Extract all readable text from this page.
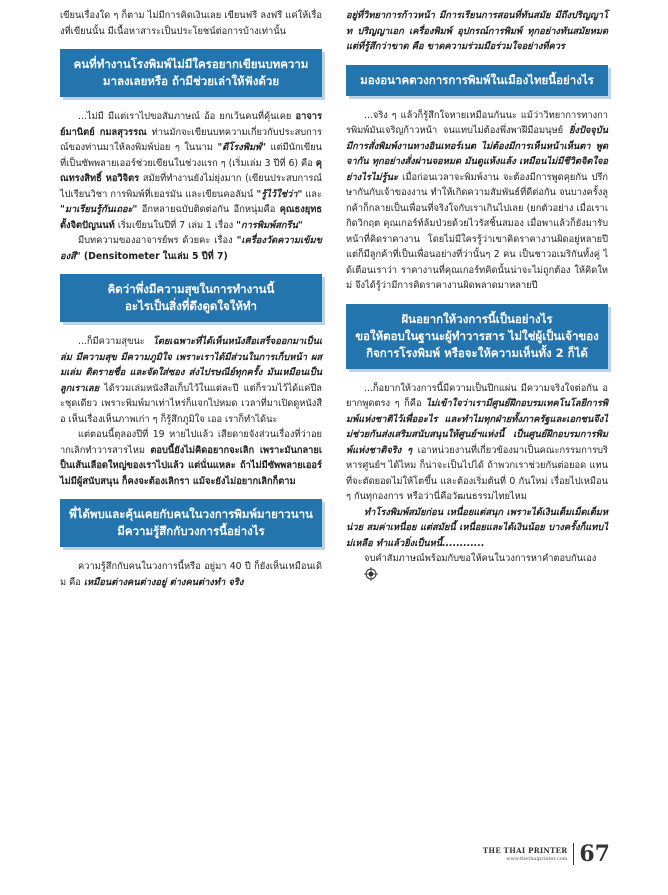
เขียนเรื่องใด ๆ ก็ตาม ไม่มีการคิดเงินเลย เขียนฟรี ลงฟรี แค่ให้เรื่องที่เขียนนั้น มีเนื้อหาสาระเป็นประโยชน์ต่อการบ้างเท่านั้น

คนที่ทำงานโรงพิมพ์ไม่มีใครอยากเขียนบทความ
มาลงเลยหรือ ถ้ามีช่วยเล่าให้ฟังด้วย

...ไม่มี มีแต่เราไปขอสัมภาษณ์ อ้อ ยกเว้นคนที่คุ้นเคย อาจารย์มานิตย์ กมลสุวรรณ ท่านมักจะเขียนบทความเกี่ยวกับประสบการณ์ของท่านมาให้ลงพิมพ์บ่อย ๆ ในนาม "ดีโรงพิมพ์" แต่มีนักเขียนที่เป็นซัพพลายเออร์ช่วยเขียนในช่วงแรก ๆ (เริ่มเล่ม 3 ปีที่ 6) คือ คุณทรงสิทธิ์ หอวิจิตร สมัยที่ทำงานยังไม่ยุ่งมาก (เขียนประสบการณ์ไปเรียนวิชา การพิมพ์ที่เยอรมัน และเขียนคอลัมน์ "รู้ไว้ใช่ว่า" และ "มาเรียนรู้กันเถอะ" อีกหลายฉบับติดต่อกัน อีกหนุ่มคือ คุณธงยุทธ ตั้งจิตปัญนนท์ เริ่มเขียนในปีที่ 7 เล่ม 1 เรื่อง "การพิมพ์สกรีน"

มีบทความของอาจารย์พร ด้วยคะ เรื่อง "เครื่องวัดความเข้มของสี" (Densitometer ในเล่ม 5 ปีที่ 7)

คิดว่าพึ่งมีความสุขในการทำงานนี้
อะไรเป็นสิ่งที่ดึงดูดใจให้ทำ

...ก็มีความสุขนะ โดยเฉพาะที่ได้เห็นหนังสือเสร็จออกมาเป็นเล่ม มีความสุข มีความภูมิใจ เพราะเราได้มีส่วนในการเก็บหน้า ผสมเล่ม ติดรายชื่อ และจัดใส่ซอง ส่งไปรษณีย์ทุกครั้ง มันเหมือนเป็นลูกเราเลย ได้รวมเล่มหนังสือเก็บไว้ในแต่ละปี แต่ก็รวมไว้ได้แค่ปีละชุดเดียว เพราะพิมพ์มาเท่าไหร่ก็แจกไปหมด เวลาที่มาเปิดดูหนังสือ เห็นเรื่องเห็นภาพเก่า ๆ ก็รู้สึกภูมิใจ เออ เราก็ทำได้นะ

แต่ตอนนี้ตุลองปีที่ 19 หายไปแล้ว เสียดายจังส่วนเรื่องที่ว่าอยากเลิกทำวารสารไหม ตอบนี้ยังไม่คิดอยากจะเลิก เพราะมันกลายเป็นเส้นเลือดใหญ่ของเราไปแล้ว แต่นั่นแหละ ถ้าไม่มีซัพพลายเออร์ ไม่มีผู้สนับสนุน ก็คงจะต้องเลิกรา แม้จะยังไม่อยากเลิกก็ตาม

พี่ได้พบและคุ้นเคยกับคนในวงการพิมพ์มายาวนาน
มีความรู้สึกกับวงการนี้อย่างไร

ความรู้สึกกับคนในวงการนี้หรือ อยู่มา 40 ปี ก็ยังเห็นเหมือนเดิม คือ เหมือนต่างคนต่างอยู่ ต่างคนต่างทำ จริง

อยู่ที่วิทยาการก้าวหน้า มีการเรียนการสอนที่ทันสมัย มีถึงปริญญาโท ปริญญาเอก เครื่องพิมพ์ อุปกรณ์การพิมพ์ ทุกอย่างทันสมัยหมด แต่ที่รู้สึกว่าขาด คือ ขาดความร่วมมือร่วมใจอย่างที่ควร

มองอนาคตวงการการพิมพ์ในเมืองไทยนี้อย่างไร

...จริง ๆ แล้วก็รู้สึกใจหายเหมือนกันนะ แม้ว่าวิทยาการทางการพิมพ์มันเจริญก้าวหน้า จนแทบไม่ต้องพึ่งพาฝีมือมนุษย์ ยิ่งปัจจุบันมีการสั่งพิมพ์งานทางอินเทอร์เนต ไม่ต้องมีการเห็นหน้าเห็นตา พูดจากัน ทุกอย่างสั่งผ่านจอหมด มันดูแห้งแล้ง เหมือนไม่มีชีวิตจิตใจอย่างไรไม่รู้นะ เมื่อก่อนเวลาจะพิมพ์งาน จะต้องมีการพูดคุยกัน ปรึกษากันกับเจ้าของงาน ทำให้เกิดความสัมพันธ์ที่ดีต่อกัน จนบางครั้งลูกค้าก็กลายเป็นเพื่อนที่จริงใจกับเราเกินไปเลย (ยกตัวอย่าง เมื่อเราเกิดวิกฤต คุณเกอร์ท์ล้มป่วยด้วยไวรัสชิ้นสมอง เมื่อพาแล้วก็ยังมารับหน้าที่คิดราคางาน โดยไม่มีใครรู้ว่าเขาคิดราคางานผิดอยู่หลายปี แต่ก็มีลูกค้าที่เป็นเพื่อนอย่างที่ว่านั้นๆ 2 คน เป็นชาวอเมริกันทั้งคู่ ได้เตือนเราว่า ราคางานที่คุณเกอร์ทคิดนั้นน่าจะไม่ถูกต้อง ให้คิดใหม่ จึงได้รู้ว่ามีการคิดราคางานผิดพลาดมาหลายปี

ฝันอยากให้วงการนี้เป็นอย่างไร
ขอให้ตอบในฐานะผู้ทำวารสาร ไม่ใช่ผู้เป็นเจ้าของ
กิจการโรงพิมพ์ หรือจะให้ความเห็นทั้ง 2 ก็ได้

...ก็อยากให้วงการนี้มีความเป็นปึกแผ่น มีความจริงใจต่อกัน อยากพูดตรง ๆ ก็คือ ไม่เข้าใจว่าเรามีศูนย์ฝึกอบรมเทคโนโลยีการพิมพ์แห่งชาติไว้เพื่ออะไร และทำไมทุกฝ่ายทั้งภาครัฐและเอกชนจึงไม่ช่วยกันส่งเสริมสนับสนุนให้ศูนย์ฯแห่งนี้ เป็นศูนย์ฝึกอบรมการพิมพ์แห่งชาติจริง ๆ เอาหน่วยงานที่เกี่ยวข้องมาเป็นคณะกรรมการบริหารศูนย์ฯ ได้ไหม ก็น่าจะเป็นไปได้ ถ้าพวกเราช่วยกันต่อยอด แทนที่จะตัดยอดไม่ให้โตขึ้น และต้องเริ่มต้นที่ 0 กันใหม่ เรื่อยไปเหมือน ๆ กันทุกองการ หรือว่านี่คือวัฒนธรรมไทยไหม

ทำโรงพิมพ์สมัยก่อน เหนื่อยแต่สนุก เพราะได้เงินเต็มเม็ดเต็มหน่วย สมค่าเหนื่อย แต่สมัยนี้ เหนื่อยและได้เงินน้อย บางครั้งก็แทบไม่เหลือ ทำแล้วยิ่งเป็นหนี้............

จบคำสัมภาษณ์พร้อมกับขอให้คนในวงการหาคำตอบกันเอง

THE THAI PRINTER
www.thethaiprinter.com 67
